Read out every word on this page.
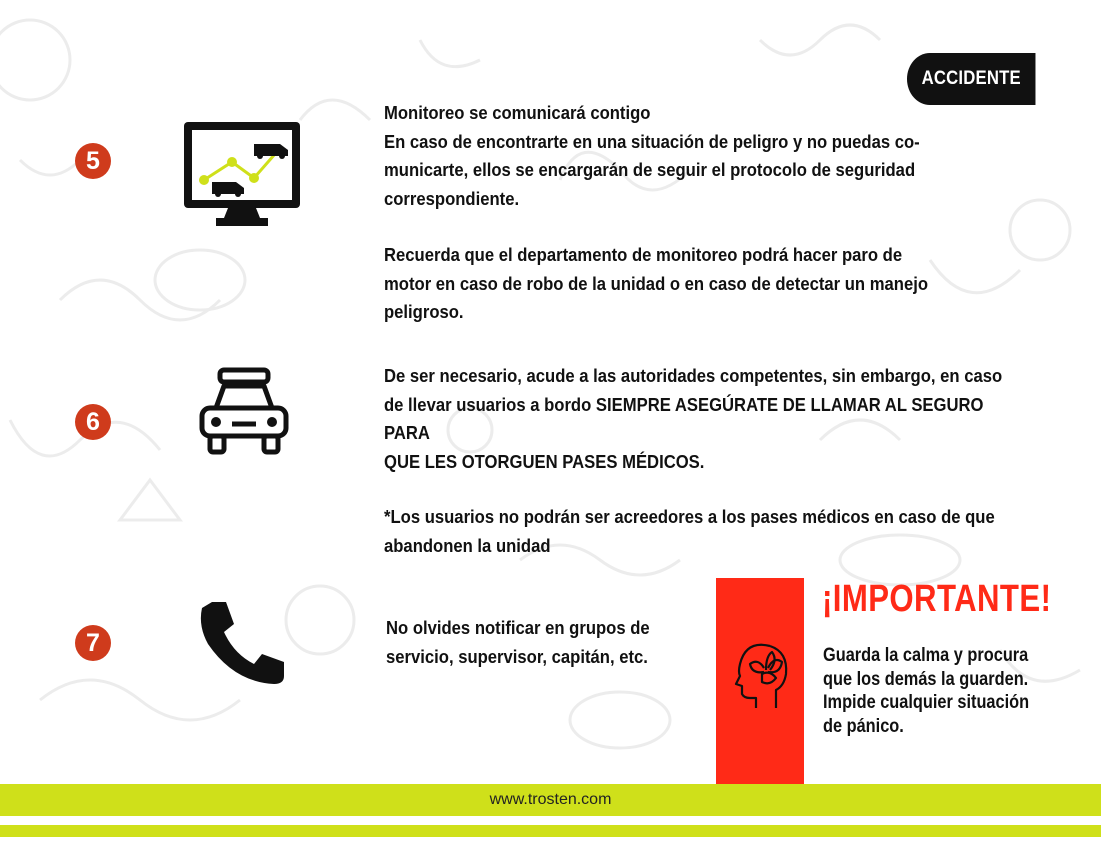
ACCIDENTE
5

Monitoreo se comunicará contigo

En caso de encontrarte en una situación de peligro y no puedas co-

municarte, ellos se encargarán de seguir el protocolo de seguridad

correspondiente.

Recuerda que el departamento de monitoreo podrá hacer paro de

motor en caso de robo de la unidad o en caso de detectar un manejo

peligroso.

6

De ser necesario, acude a las autoridades competentes, sin embargo, en caso

de llevar usuarios a bordo SIEMPRE ASEGÚRATE DE LLAMAR AL SEGURO PARA

QUE LES OTORGUEN PASES MÉDICOS.

*Los usuarios no podrán ser acreedores a los pases médicos en caso de que

abandonen la unidad

7

No olvides notificar en grupos de

servicio, supervisor, capitán, etc.

¡IMPORTANTE!
Guarda la calma y procura
que los demás la guarden.
Impide cualquier situación
de pánico.
www.trosten.com
